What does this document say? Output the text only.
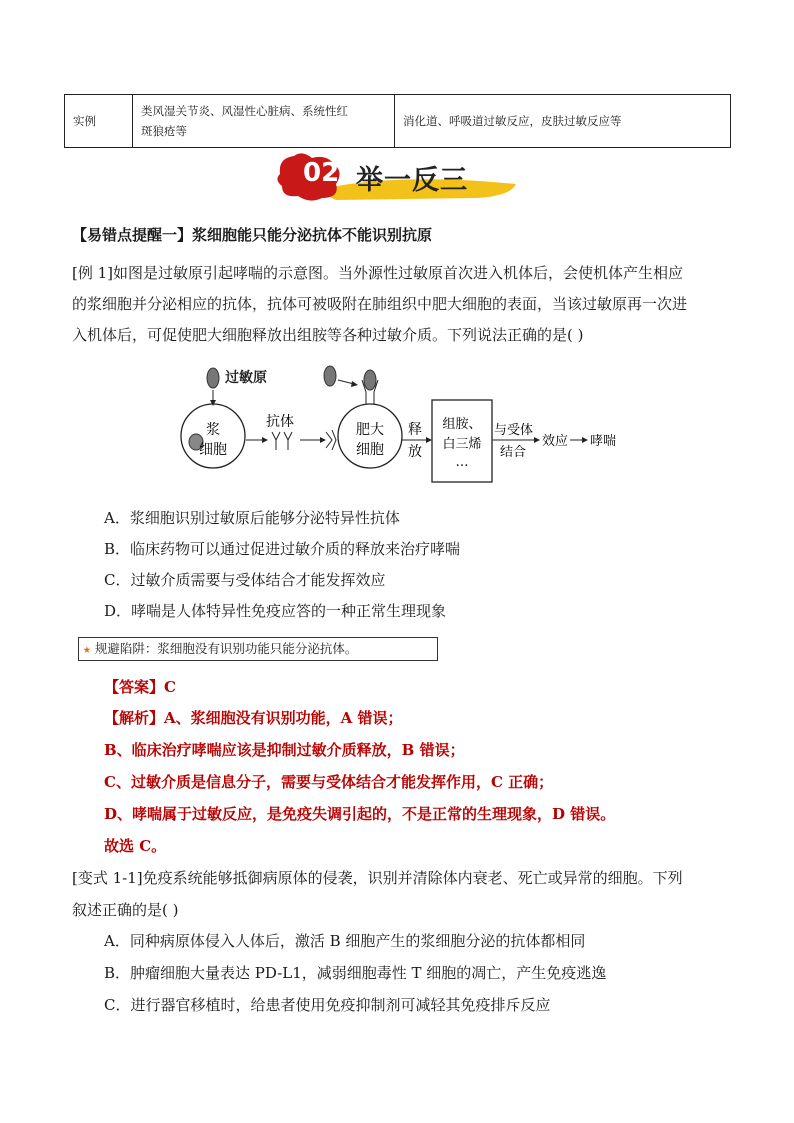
实例	
类风湿关节炎、风湿性心脏病、系统性红
斑狼疮等
	消化道、呼吸道过敏反应，皮肤过敏反应等
02 举一反三
【易错点提醒一】浆细胞能只能分泌抗体不能识别抗原
[例 1]如图是过敏原引起哮喘的示意图。当外源性过敏原首次进入机体后，会使机体产生相应
的浆细胞并分泌相应的抗体，抗体可被吸附在肺组织中肥大细胞的表面，当该过敏原再一次进
入机体后，可促使肥大细胞释放出组胺等各种过敏介质。下列说法正确的是( )
过敏原
浆
细胞
抗体	肥大
细胞
释
放
组胺、
白三烯
…
与受体
结合
效应 哮喘
A．浆细胞识别过敏原后能够分泌特异性抗体
B．临床药物可以通过促进过敏介质的释放来治疗哮喘
C．过敏介质需要与受体结合才能发挥效应
D．哮喘是人体特异性免疫应答的一种正常生理现象
★ 规避陷阱：浆细胞没有识别功能只能分泌抗体。
【答案】C
【解析】A、浆细胞没有识别功能，A 错误；
B、临床治疗哮喘应该是抑制过敏介质释放，B 错误；
C、过敏介质是信息分子，需要与受体结合才能发挥作用，C 正确；
D、哮喘属于过敏反应，是免疫失调引起的，不是正常的生理现象，D 错误。
故选 C。
[变式 1-1]免疫系统能够抵御病原体的侵袭，识别并清除体内衰老、死亡或异常的细胞。下列
叙述正确的是( )
A．同种病原体侵入人体后，激活 B 细胞产生的浆细胞分泌的抗体都相同
B．肿瘤细胞大量表达 PD-L1，减弱细胞毒性 T 细胞的凋亡，产生免疫逃逸
C．进行器官移植时，给患者使用免疫抑制剂可减轻其免疫排斥反应
